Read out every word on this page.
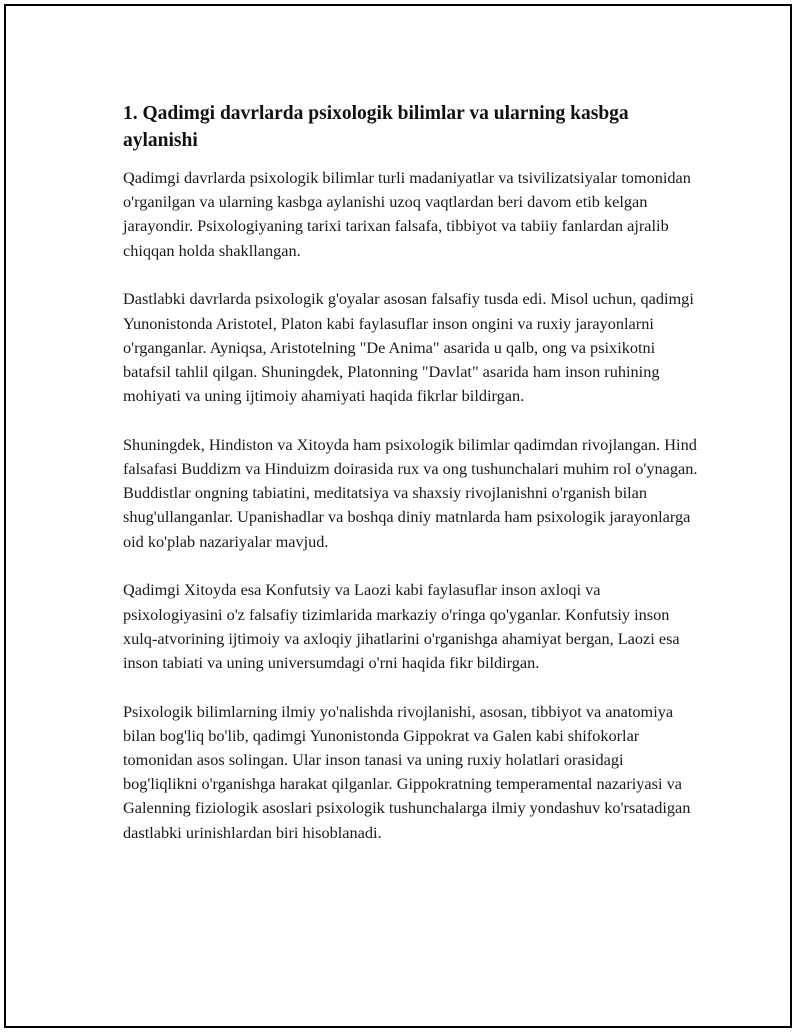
1. Qadimgi davrlarda psixologik bilimlar va ularning kasbga aylanishi

Qadimgi davrlarda psixologik bilimlar turli madaniyatlar va tsivilizatsiyalar tomonidan o'rganilgan va ularning kasbga aylanishi uzoq vaqtlardan beri davom etib kelgan jarayondir. Psixologiyaning tarixi tarixan falsafa, tibbiyot va tabiiy fanlardan ajralib chiqqan holda shakllangan.

Dastlabki davrlarda psixologik g'oyalar asosan falsafiy tusda edi. Misol uchun, qadimgi Yunonistonda Aristotel, Platon kabi faylasuflar inson ongini va ruxiy jarayonlarni o'rganganlar. Ayniqsa, Aristotelning "De Anima" asarida u qalb, ong va psixikotni batafsil tahlil qilgan. Shuningdek, Platonning "Davlat" asarida ham inson ruhining mohiyati va uning ijtimoiy ahamiyati haqida fikrlar bildirgan.

Shuningdek, Hindiston va Xitoyda ham psixologik bilimlar qadimdan rivojlangan. Hind falsafasi Buddizm va Hinduizm doirasida rux va ong tushunchalari muhim rol o'ynagan. Buddistlar ongning tabiatini, meditatsiya va shaxsiy rivojlanishni o'rganish bilan shug'ullanganlar. Upanishadlar va boshqa diniy matnlarda ham psixologik jarayonlarga oid ko'plab nazariyalar mavjud.

Qadimgi Xitoyda esa Konfutsiy va Laozi kabi faylasuflar inson axloqi va psixologiyasini o'z falsafiy tizimlarida markaziy o'ringa qo'yganlar. Konfutsiy inson xulq-atvorining ijtimoiy va axloqiy jihatlarini o'rganishga ahamiyat bergan, Laozi esa inson tabiati va uning universumdagi o'rni haqida fikr bildirgan.

Psixologik bilimlarning ilmiy yo'nalishda rivojlanishi, asosan, tibbiyot va anatomiya bilan bog'liq bo'lib, qadimgi Yunonistonda Gippokrat va Galen kabi shifokorlar tomonidan asos solingan. Ular inson tanasi va uning ruxiy holatlari orasidagi bog'liqlikni o'rganishga harakat qilganlar. Gippokratning temperamental nazariyasi va Galenning fiziologik asoslari psixologik tushunchalarga ilmiy yondashuv ko'rsatadigan dastlabki urinishlardan biri hisoblanadi.
